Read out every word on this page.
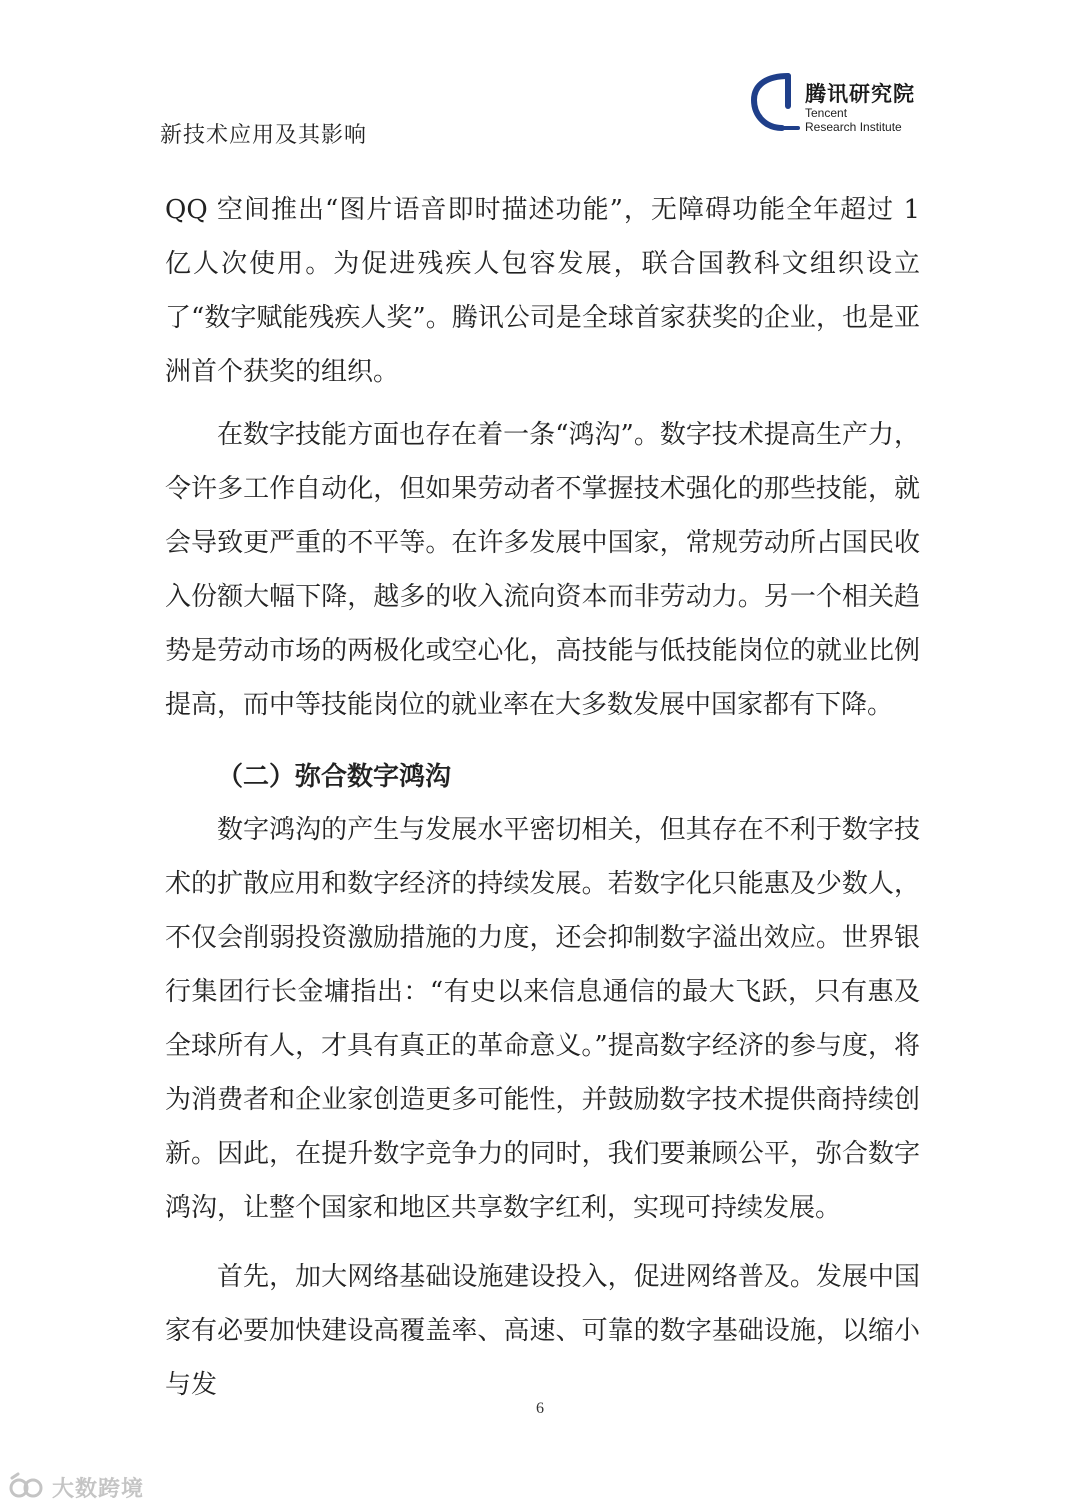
新技术应用及其影响
腾讯研究院
Tencent
Research Institute

QQ 空间推出“图片语音即时描述功能”，无障碍功能全年超过 1 亿人次使用。为促进残疾人包容发展，联合国教科文组织设立了“数字赋能残疾人奖”。腾讯公司是全球首家获奖的企业，也是亚洲首个获奖的组织。

在数字技能方面也存在着一条“鸿沟”。数字技术提高生产力，令许多工作自动化，但如果劳动者不掌握技术强化的那些技能，就会导致更严重的不平等。在许多发展中国家，常规劳动所占国民收入份额大幅下降，越多的收入流向资本而非劳动力。另一个相关趋势是劳动市场的两极化或空心化，高技能与低技能岗位的就业比例提高，而中等技能岗位的就业率在大多数发展中国家都有下降。

（二）弥合数字鸿沟

数字鸿沟的产生与发展水平密切相关，但其存在不利于数字技术的扩散应用和数字经济的持续发展。若数字化只能惠及少数人，不仅会削弱投资激励措施的力度，还会抑制数字溢出效应。世界银行集团行长金墉指出：“有史以来信息通信的最大飞跃，只有惠及全球所有人，才具有真正的革命意义。”提高数字经济的参与度，将为消费者和企业家创造更多可能性，并鼓励数字技术提供商持续创新。因此，在提升数字竞争力的同时，我们要兼顾公平，弥合数字鸿沟，让整个国家和地区共享数字红利，实现可持续发展。

首先，加大网络基础设施建设投入，促进网络普及。发展中国家有必要加快建设高覆盖率、高速、可靠的数字基础设施，以缩小与发

6
大数跨境
